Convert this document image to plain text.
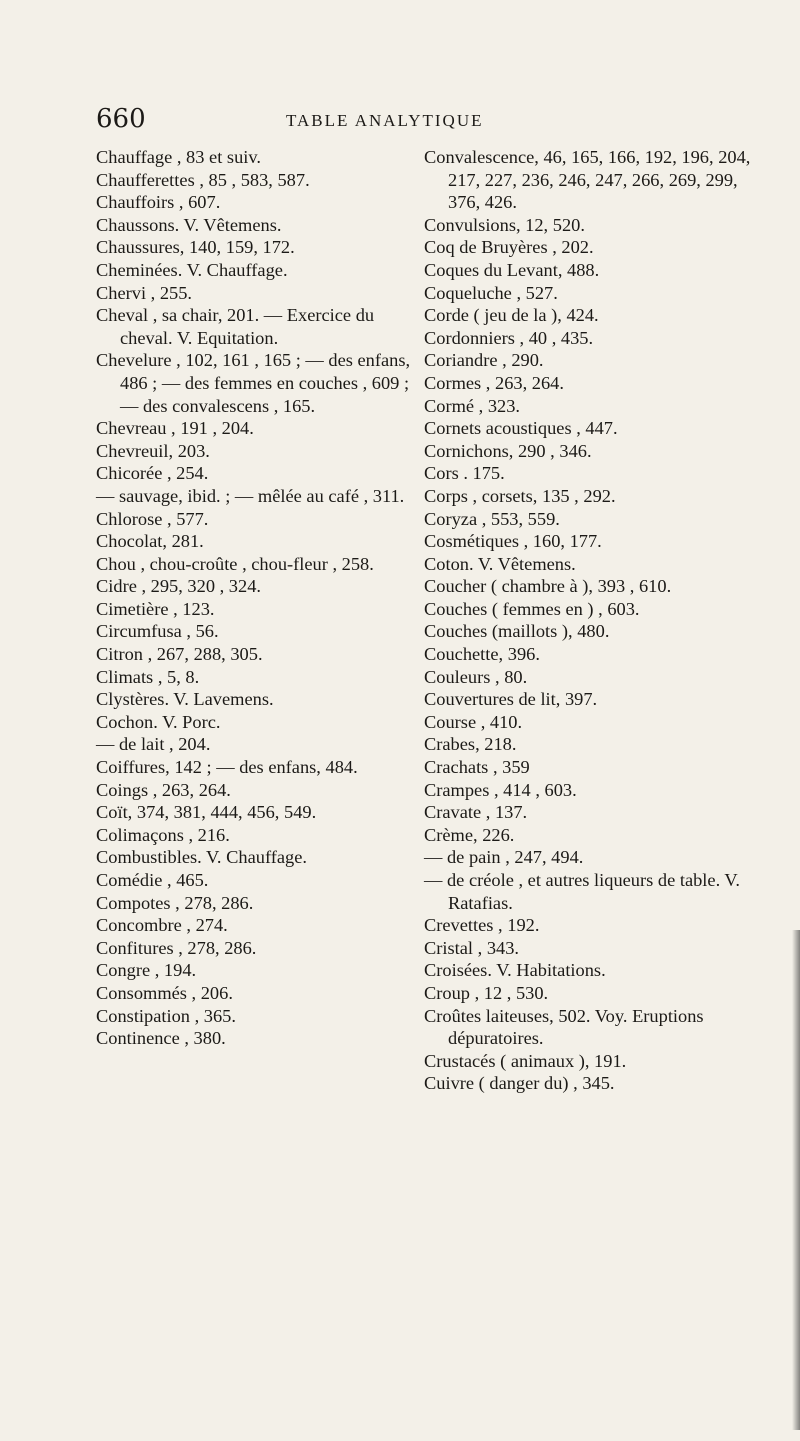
660	TABLE ANALYTIQUE
Chauffage , 83 et suiv.
Chaufferettes , 85 , 583, 587.
Chauffoirs , 607.
Chaussons. V. Vêtemens.
Chaussures, 140, 159, 172.
Cheminées. V. Chauffage.
Chervi , 255.
Cheval , sa chair, 201. — Exercice du cheval. V. Equitation.
Chevelure , 102, 161 , 165 ; — des enfans, 486 ; — des femmes en couches , 609 ; — des convalescens , 165.
Chevreau , 191 , 204.
Chevreuil, 203.
Chicorée , 254.
— sauvage, ibid. ; — mêlée au café , 311.
Chlorose , 577.
Chocolat, 281.
Chou , chou-croûte , chou-fleur , 258.
Cidre , 295, 320 , 324.
Cimetière , 123.
Circumfusa , 56.
Citron , 267, 288, 305.
Climats , 5, 8.
Clystères. V. Lavemens.
Cochon. V. Porc.
— de lait , 204.
Coiffures, 142 ; — des enfans, 484.
Coings , 263, 264.
Coït, 374, 381, 444, 456, 549.
Colimaçons , 216.
Combustibles. V. Chauffage.
Comédie , 465.
Compotes , 278, 286.
Concombre , 274.
Confitures , 278, 286.
Congre , 194.
Consommés , 206.
Constipation , 365.
Continence , 380.
Convalescence, 46, 165, 166, 192, 196, 204, 217, 227, 236, 246, 247, 266, 269, 299, 376, 426.
Convulsions, 12, 520.
Coq de Bruyères , 202.
Coques du Levant, 488.
Coqueluche , 527.
Corde ( jeu de la ), 424.
Cordonniers , 40 , 435.
Coriandre , 290.
Cormes , 263, 264.
Cormé , 323.
Cornets acoustiques , 447.
Cornichons, 290 , 346.
Cors . 175.
Corps , corsets, 135 , 292.
Coryza , 553, 559.
Cosmétiques , 160, 177.
Coton. V. Vêtemens.
Coucher ( chambre à ), 393 , 610.
Couches ( femmes en ) , 603.
Couches (maillots ), 480.
Couchette, 396.
Couleurs , 80.
Couvertures de lit, 397.
Course , 410.
Crabes, 218.
Crachats , 359
Crampes , 414 , 603.
Cravate , 137.
Crème, 226.
— de pain , 247, 494.
— de créole , et autres liqueurs de table. V. Ratafias.
Crevettes , 192.
Cristal , 343.
Croisées. V. Habitations.
Croup , 12 , 530.
Croûtes laiteuses, 502. Voy. Eruptions dépuratoires.
Crustacés ( animaux ), 191.
Cuivre ( danger du) , 345.
